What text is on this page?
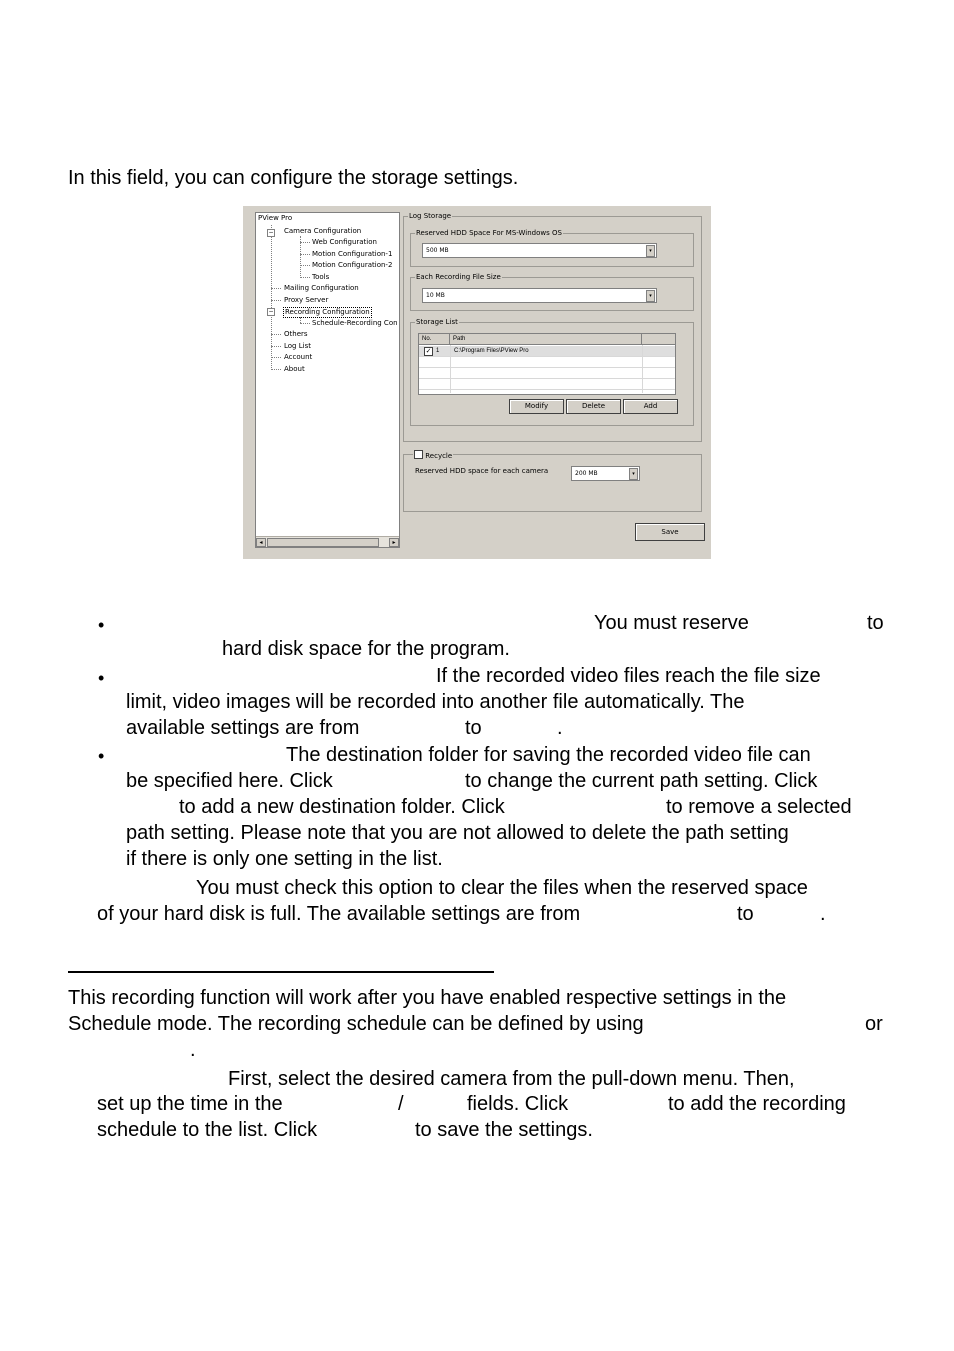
In this field, you can configure the storage settings.
PView Pro
− Camera Configuration
Web Configuration
Motion Configuration-1
Motion Configuration-2
Tools
Mailing Configuration
Proxy Server
− Recording Configuration
Schedule-Recording Con
Others
Log List
Account
About
◂	▸
Log Storage
Reserved HDD Space For MS-Windows OS
500 MB	▾
Each Recording File Size
10 MB	▾
Storage List
Modify	Delete	Add
Recycle
Reserved HDD space for each camera	200 MB	▾
Save
No.	Path
✓ 1 C:\Program Files\PView Pro
•	You must reserve	to
hard disk space for the program.
•	If the recorded video files reach the file size
limit, video images will be recorded into another file automatically. The
available settings are from	to	.
•	The destination folder for saving the recorded video file can
be specified here. Click	to change the current path setting. Click
to add a new destination folder. Click	to remove a selected
path setting. Please note that you are not allowed to delete the path setting
if there is only one setting in the list.
You must check this option to clear the files when the reserved space
of your hard disk is full. The available settings are from	to	.
This recording function will work after you have enabled respective settings in the
Schedule mode. The recording schedule can be defined by using	or
.
First, select the desired camera from the pull-down menu. Then,
set up the time in the	/	fields. Click	to add the recording
schedule to the list. Click	to save the settings.
